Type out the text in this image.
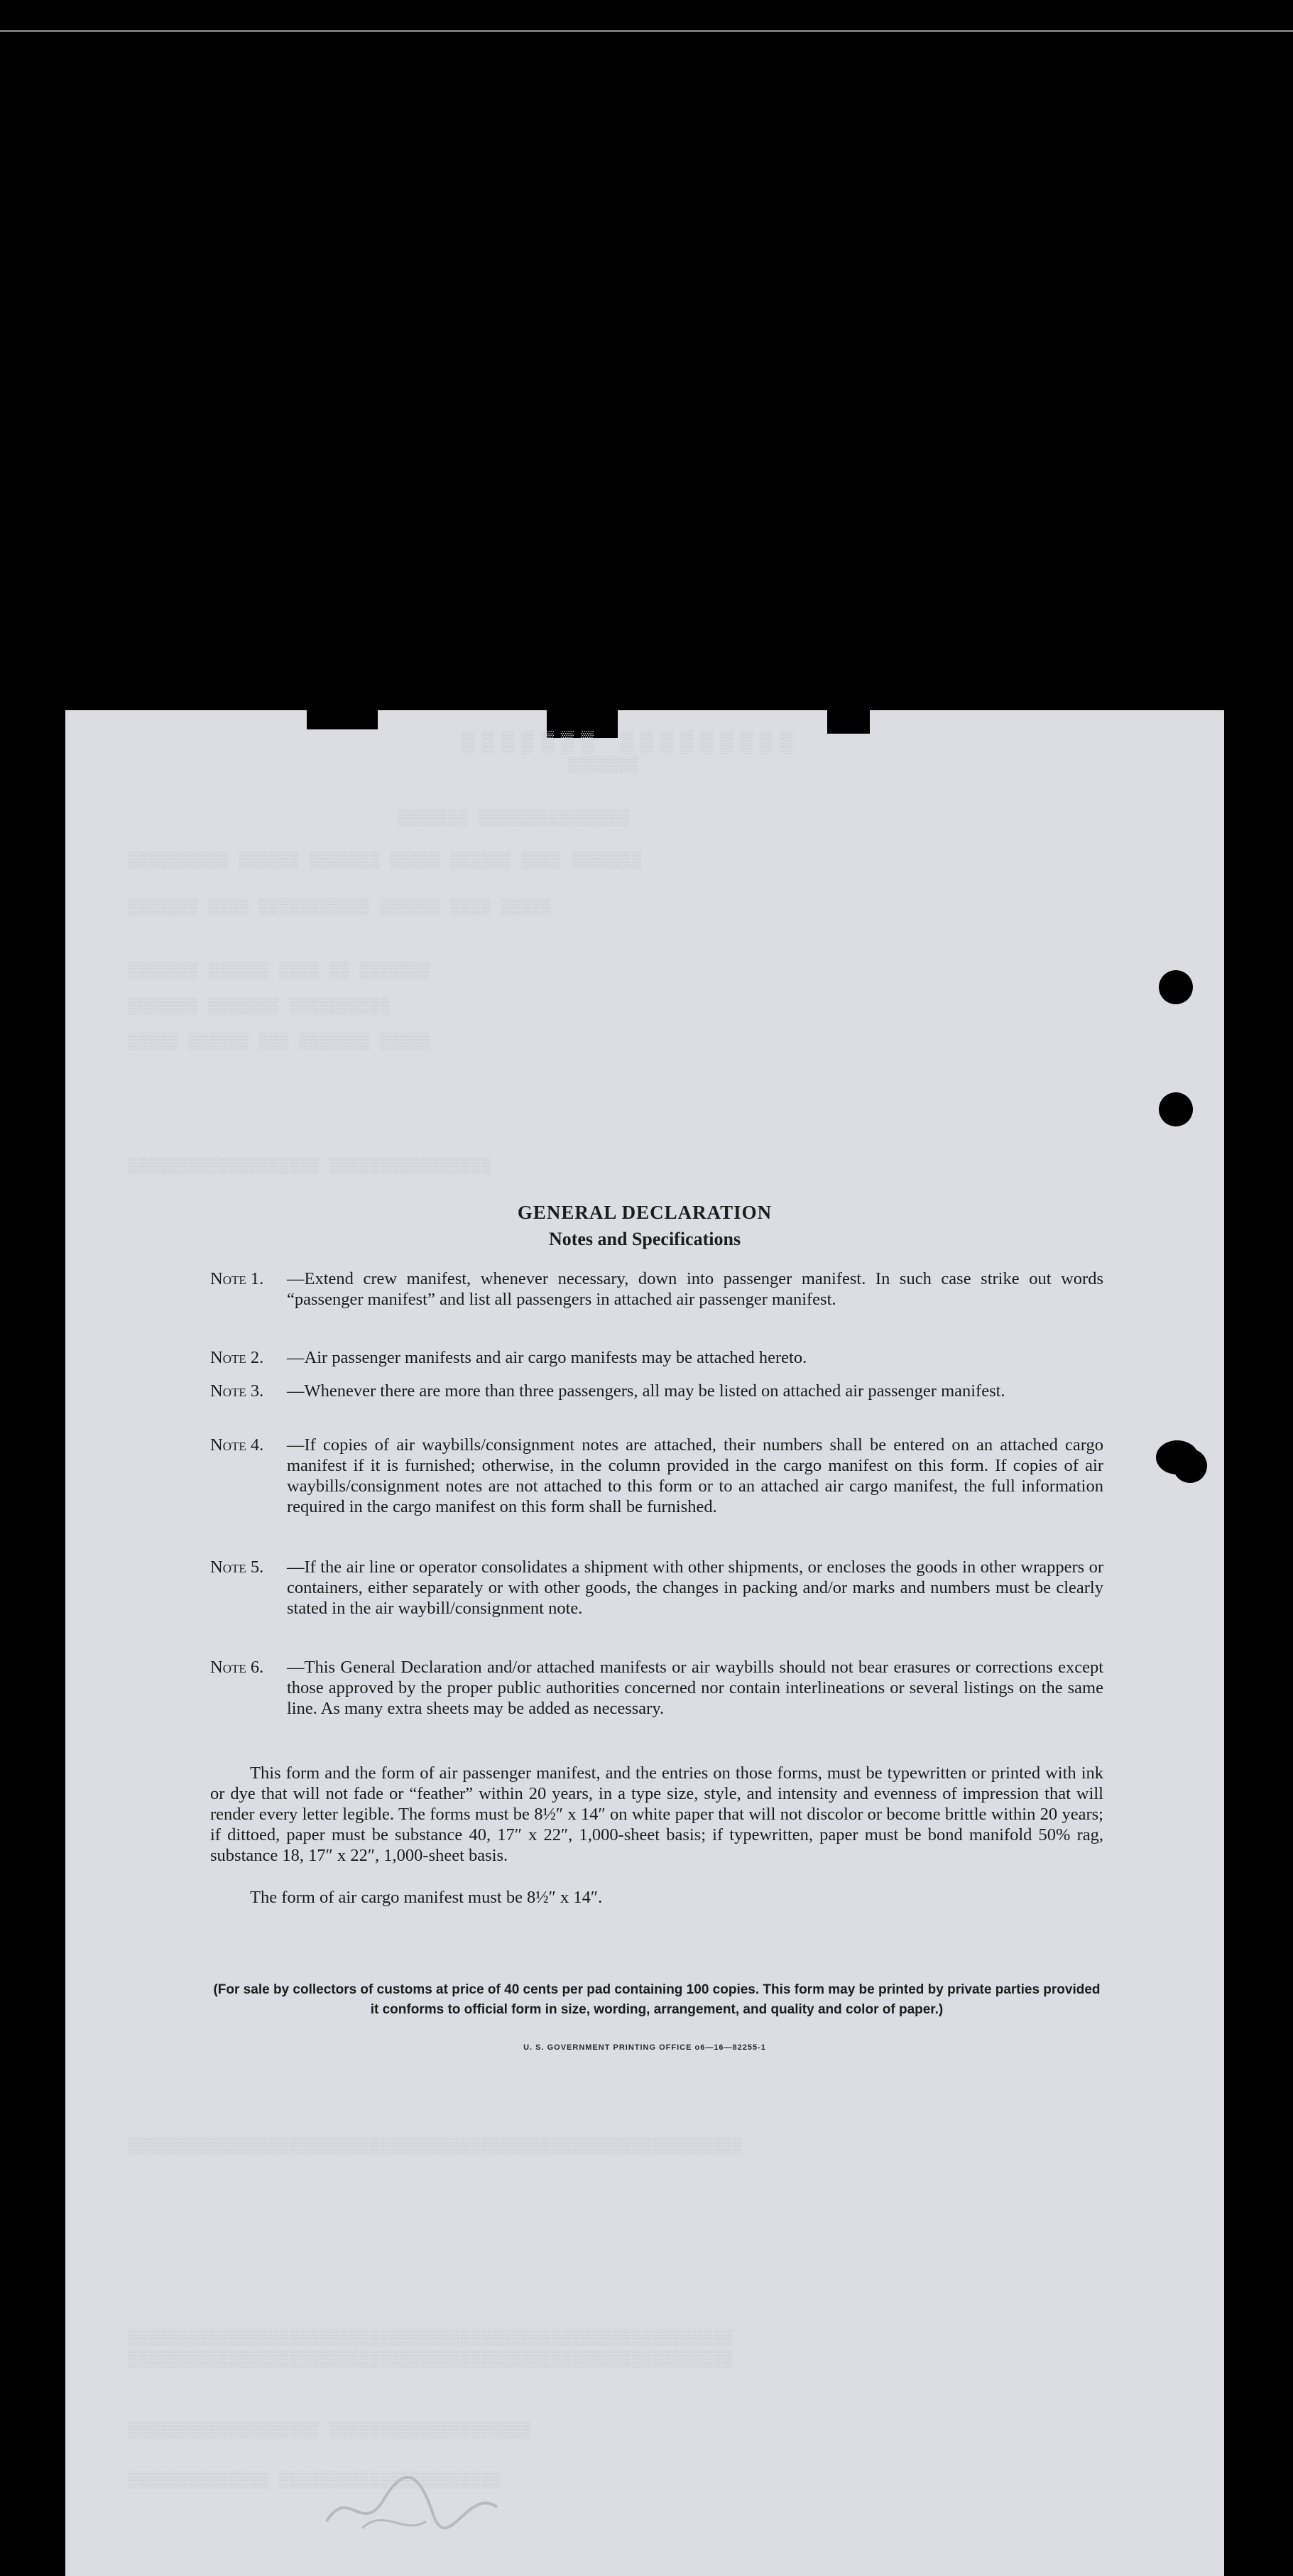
▒▒▒▒▒▒▒ ▒▒▒▒▒▒▒▒▒
▒▒▒▒▒▒▒
▒▒▒▒▒▒▒ ▒▒▒▒▒▒▒▒▒▒▒▒▒▒▒
▒▒▒▒▒▒▒▒▒▒ ▒▒▒▒▒▒ ▒▒▒▒▒▒▒ ▒▒▒▒▒ ▒▒▒▒▒▒ ▒▒▒▒ ▒▒▒▒▒▒▒
▒▒▒▒▒▒▒ ▒▒▒▒ ▒▒▒▒▒▒▒▒▒▒▒ ▒▒▒▒▒▒ ▒▒▒▒ ▒▒▒▒▒
▒▒▒▒▒▒▒ ▒▒▒▒▒▒ ▒▒▒▒ ▒▒ ▒▒▒▒▒▒▒
▒▒▒▒▒▒▒ ▒▒▒▒▒▒▒ ▒▒▒▒▒▒▒▒▒▒
▒▒▒▒▒ ▒▒▒▒▒▒ ▒▒▒ ▒▒▒▒▒▒▒ ▒▒▒▒▒
▒▒▒▒▒▒▒▒▒▒▒▒▒▒▒▒▒▒▒ ▒▒▒▒▒▒▒▒▒▒▒▒▒▒▒▒
▒▒▒▒▒▒▒▒▒▒▒▒▒▒▒▒▒▒▒▒▒▒▒▒▒▒▒▒▒▒▒▒▒▒▒▒▒▒▒▒▒▒▒▒▒▒▒▒▒▒▒▒▒▒▒▒▒▒▒▒▒
▒▒▒▒▒▒▒▒▒▒▒▒▒▒▒▒▒▒▒▒▒▒▒▒▒▒▒▒▒▒▒▒▒▒▒▒▒▒▒▒▒▒▒▒▒▒▒▒▒▒▒▒▒▒▒▒▒▒▒▒
▒▒▒▒▒▒▒▒▒▒▒▒▒▒▒▒▒▒▒▒▒▒▒▒▒▒▒▒▒▒▒▒▒▒▒▒▒▒▒▒▒▒▒▒▒▒▒▒▒▒▒▒▒▒▒▒▒▒▒▒
▒▒▒▒▒▒▒▒▒▒▒▒▒▒▒▒▒▒▒ ▒▒▒▒▒▒▒▒▒▒▒▒▒▒▒▒▒▒▒▒
▒▒▒▒▒▒▒▒▒▒▒▒▒▒ ▒▒▒▒▒▒▒▒▒▒▒▒▒▒▒▒▒▒▒▒▒▒
GENERAL DECLARATION
Notes and Specifications
Note 1.	—Extend crew manifest, whenever necessary, down into passenger manifest. In such case strike out words “passenger manifest” and list all passengers in attached air passenger manifest.
Note 2.	—Air passenger manifests and air cargo manifests may be attached hereto.
Note 3.	—Whenever there are more than three passengers, all may be listed on attached air passenger manifest.
Note 4.	—If copies of air waybills/consignment notes are attached, their numbers shall be entered on an attached cargo manifest if it is furnished; otherwise, in the column provided in the cargo manifest on this form. If copies of air waybills/consignment notes are not attached to this form or to an attached air cargo manifest, the full information required in the cargo manifest on this form shall be furnished.
Note 5.	—If the air line or operator consolidates a shipment with other shipments, or encloses the goods in other wrappers or containers, either separately or with other goods, the changes in packing and/or marks and numbers must be clearly stated in the air waybill/consignment note.
Note 6.	—This General Declaration and/or attached manifests or air waybills should not bear erasures or corrections except those approved by the proper public authorities concerned nor contain interlineations or several listings on the same line. As many extra sheets may be added as necessary.
This form and the form of air passenger manifest, and the entries on those forms, must be typewritten or printed with ink or dye that will not fade or “feather” within 20 years, in a type size, style, and intensity and evenness of impression that will render every letter legible. The forms must be 8½″ x 14″ on white paper that will not discolor or become brittle within 20 years; if dittoed, paper must be substance 40, 17″ x 22″, 1,000-sheet basis; if typewritten, paper must be bond manifold 50% rag, substance 18, 17″ x 22″, 1,000-sheet basis.
The form of air cargo manifest must be 8½″ x 14″.
(For sale by collectors of customs at price of 40 cents per pad containing 100 copies. This form may be printed by private parties provided it conforms to official form in size, wording, arrangement, and quality and color of paper.)
U. S. GOVERNMENT PRINTING OFFICE o6—16—82255-1
